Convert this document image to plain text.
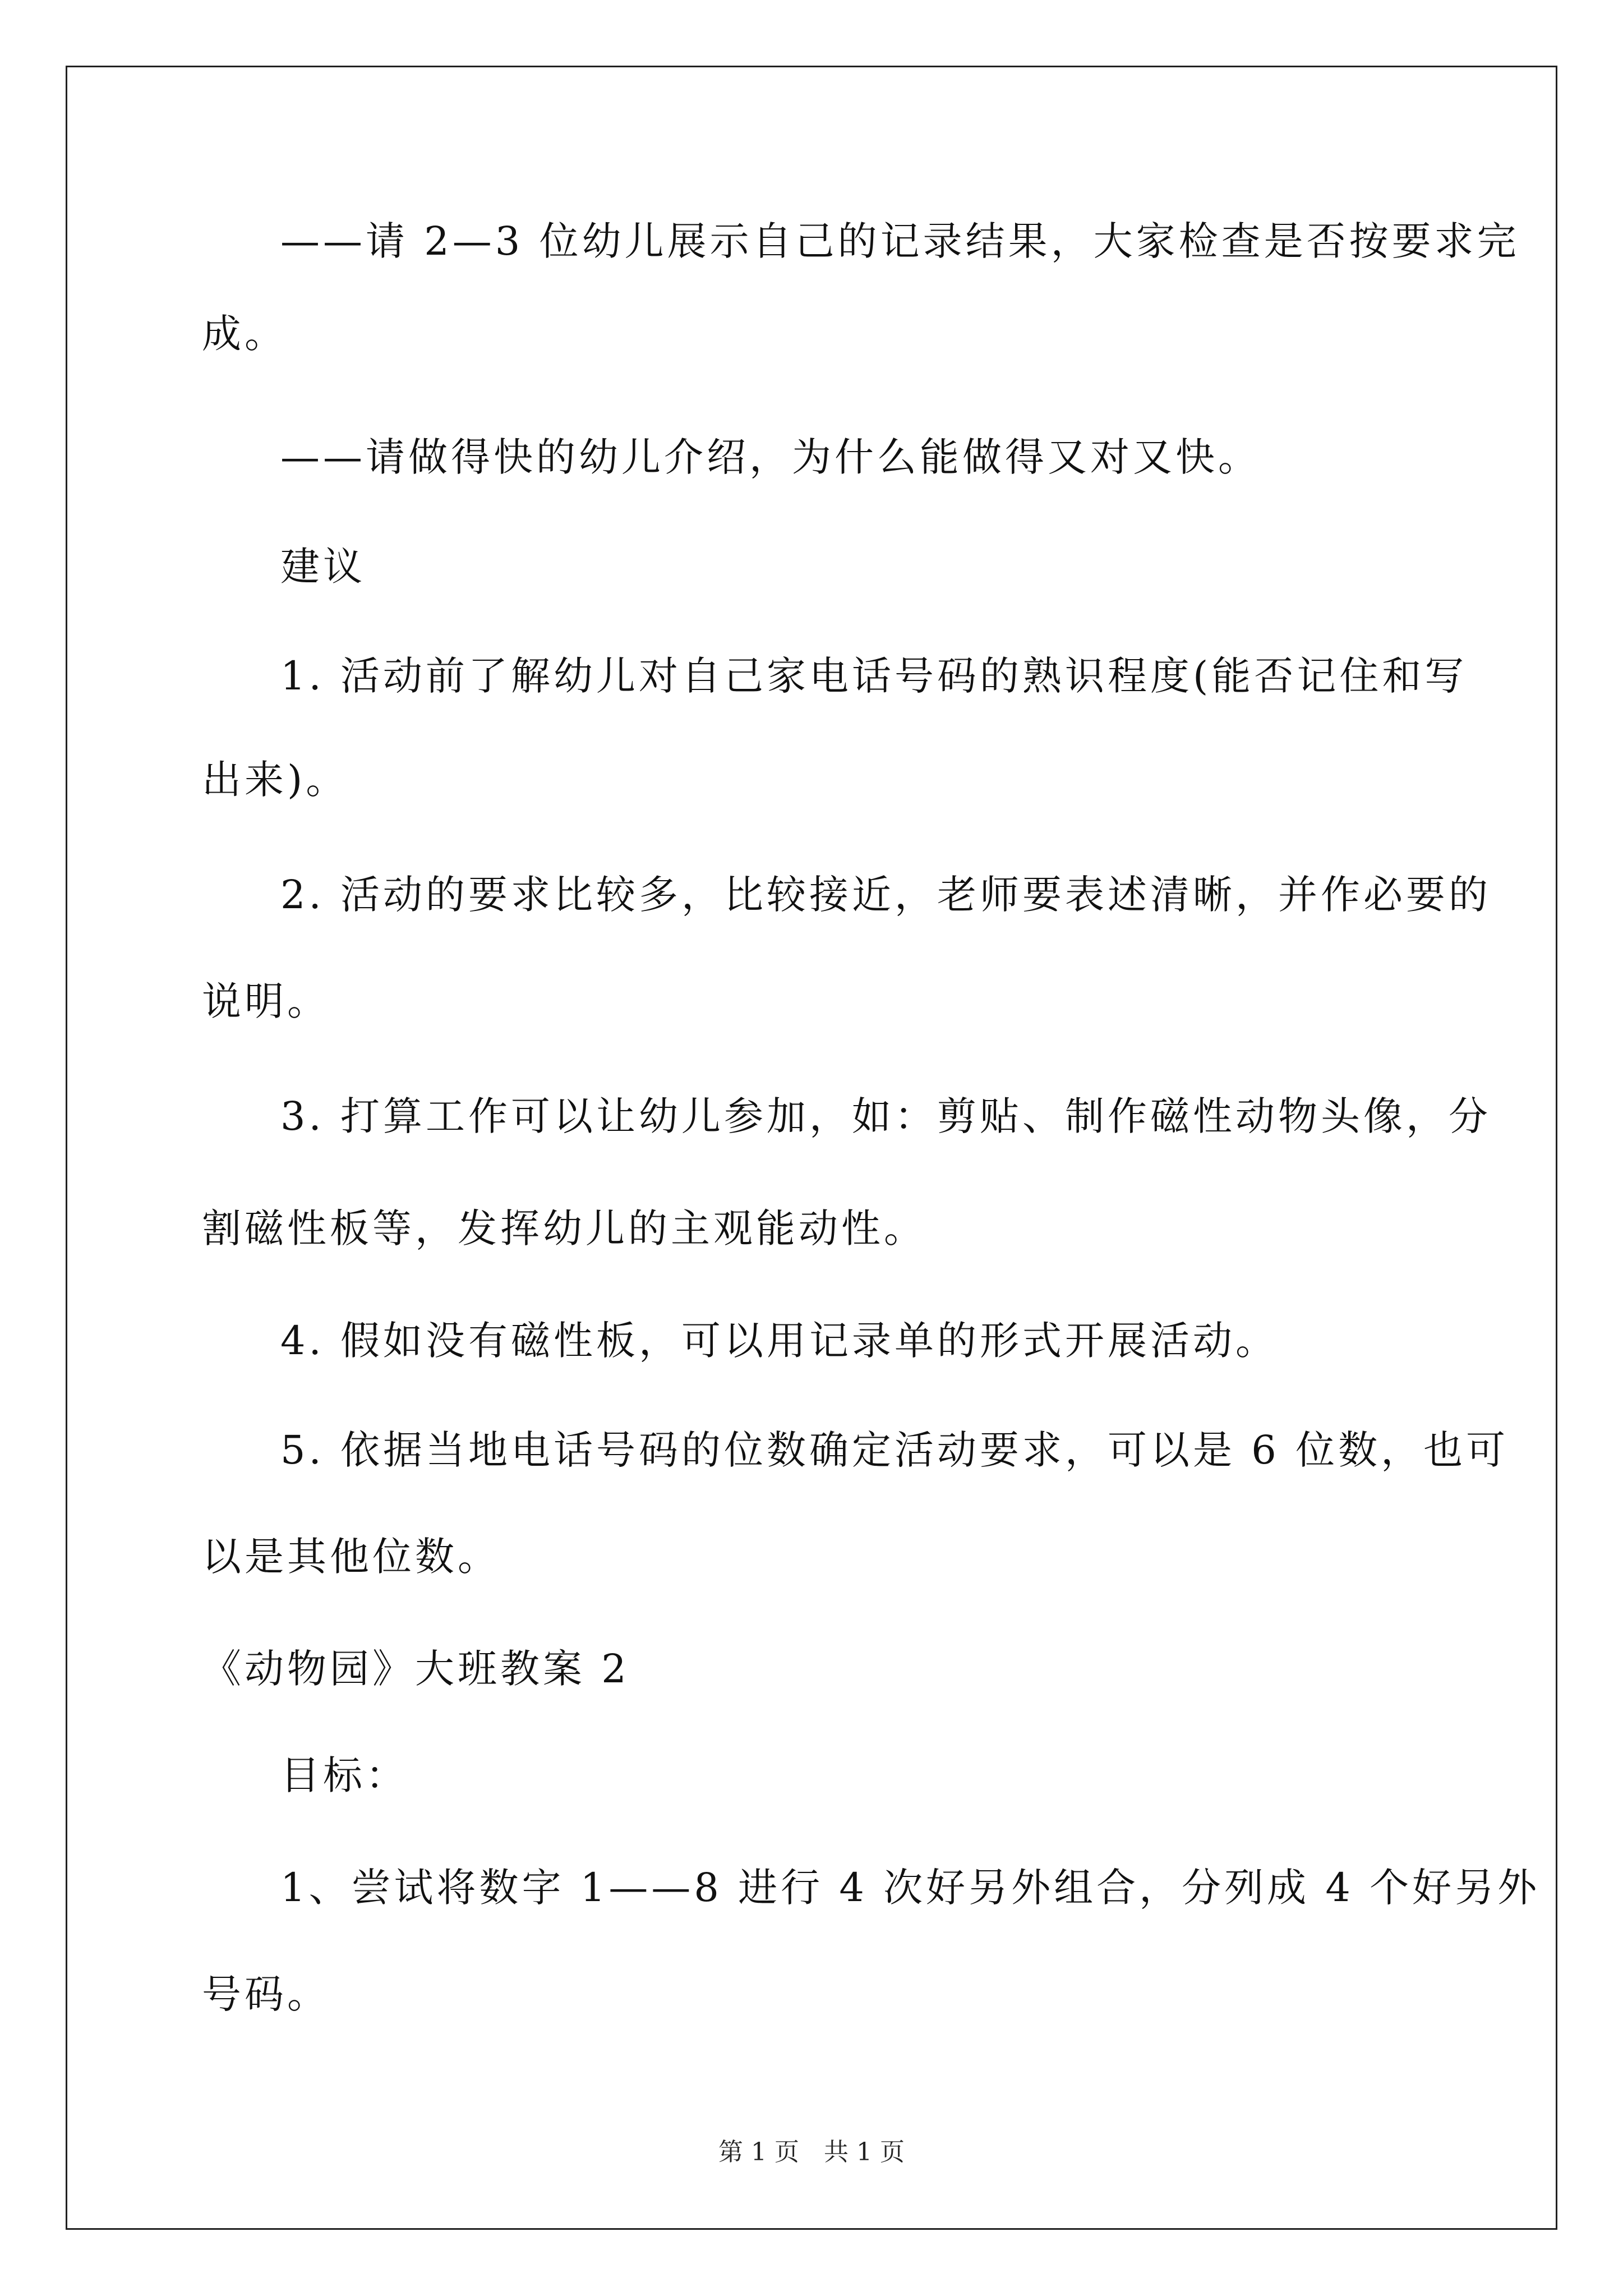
——请 2—3 位幼儿展示自己的记录结果，大家检查是否按要求完
成。
——请做得快的幼儿介绍，为什么能做得又对又快。
建议
1. 活动前了解幼儿对自己家电话号码的熟识程度(能否记住和写
出来)。
2. 活动的要求比较多，比较接近，老师要表述清晰，并作必要的
说明。
3. 打算工作可以让幼儿参加，如：剪贴、制作磁性动物头像，分
割磁性板等，发挥幼儿的主观能动性。
4. 假如没有磁性板，可以用记录单的形式开展活动。
5. 依据当地电话号码的位数确定活动要求，可以是 6 位数，也可
以是其他位数。
《动物园》大班教案 2
目标：
1、尝试将数字 1——8 进行 4 次好另外组合，分列成 4 个好另外
号码。
第 1 页　共 1 页
